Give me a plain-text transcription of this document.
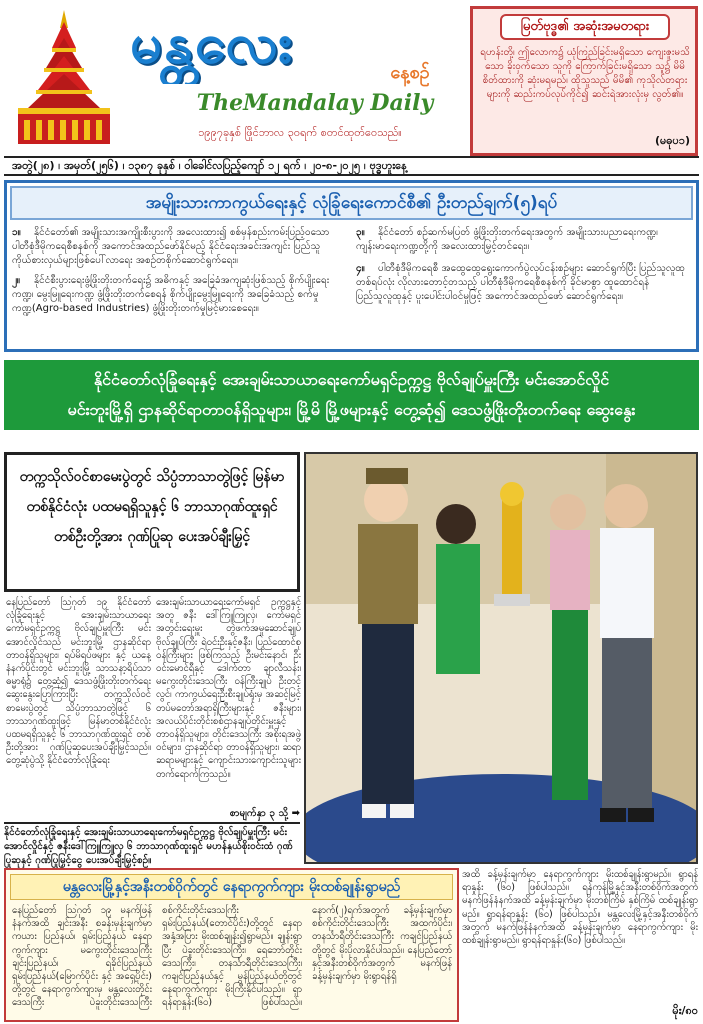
မန္တလေး	နေ့စဉ်
TheMandalay Daily
၁၉၉၇ခုနှစ် ဖြိုင်ဘာလ ၃၀ရက် စတင်ထုတ်ဝေသည်။
မြတ်ဗုဒ္ဓ၏ အဆုံးအမတရား
ရဟန်းတို့၊ ဤလောက၌ ယုံကြည်ခြင်းမရှိသော ကျေးဇူးမသိသော ခိုးဝှက်သော သူကို ကြောက်ခြင်းမရှိသော သူ၌ မိမိစိတ်ထားကို ဆုံးမရမည်၊ ထိုသူသည် မိမိ၏ ကုသိုလ်တရားများကို ဆည်းကပ်လုပ်ကိုင်၍ ဆင်းရဲအားလုံးမှ လွတ်၏။
(မဓုပ၁)
အတွဲ(၂၈) ၊ အမှတ်(၂၅၆) ၊ ၁၃၈၇ ခုနှစ် ၊ ဝါခေါင်လပြည့်ကျော် ၁၂ ရက် ၊ ၂၀-၈-၂၀၂၅ ၊ ဗုဒ္ဓဟူးနေ့
အမျိုးသားကာကွယ်ရေးနှင့် လုံခြုံရေးကောင်စီ၏ ဦးတည်ချက်(၅)ရပ်
၁။ နိုင်ငံတော်၏ အမျိုးသားအကျိုးစီးပွားကို အလေးထား၍ စစ်မှန်စည်းကမ်းပြည့်ဝသော ပါတီစုံဒီမိုကရေစီစနစ်ကို အကောင်အထည်ဖော်နိုင်မည့် နိုင်ငံရေးအခင်းအကျင်း ပြည်သူကိုယ်စားလှယ်များဖြစ်ပေါ်လာရေး အစဉ်တစိုက်ဆောင်ရွက်ရေး။
၂။ နိုင်ငံစီးပွားရေးဖွံ့ဖြိုးတိုးတက်ရေး၌ အဓိကနှင့် အခြေခံအကျဆုံးဖြစ်သည့် စိုက်ပျိုးရေးကဏ္ဍ၊ မွေးမြူရေးကဏ္ဍ ဖွံ့ဖြိုးတိုးတက်စေရန် စိုက်ပျိုးမွေးမြူရေးကို အခြေခံသည့် စက်မှုကဏ္ဍ(Agro-based Industries) ဖွံ့ဖြိုးတိုးတက်မှုမြင့်မားစေရေး။
၃။ နိုင်ငံတော် စဉ်ဆက်မပြတ် ဖွံ့ဖြိုးတိုးတက်ရေးအတွက် အမျိုးသားပညာရေးကဏ္ဍ၊ ကျန်းမာရေးကဏ္ဍတို့ကို အလေးထားမြှင့်တင်ရေး။
၄။ ပါတီစုံဒီမိုကရေစီ အထွေထွေရွေးကောက်ပွဲလုပ်ငန်းစဉ်များ ဆောင်ရွက်ပြီး ပြည်သူလူထုတစ်ရပ်လုံး လိုလားတောင့်တသည့် ပါတီစုံဒီမိုကရေစီစနစ်ကို ခိုင်မာစွာ ထူထောင်ရန် ပြည်သူလူထုနှင့် ပူးပေါင်းပါဝင်မှုဖြင့် အကောင်အထည်ဖော် ဆောင်ရွက်ရေး။
နိုင်ငံတော်လုံခြုံရေးနှင့် အေးချမ်းသာယာရေးကော်မရှင်ဥက္ကဋ္ဌ ဗိုလ်ချုပ်မှူးကြီး မင်းအောင်လှိုင်
မင်းဘူးမြို့ရှိ ဌာနဆိုင်ရာတာဝန်ရှိသူများ၊ မြို့မိ မြို့ဖများနှင့် တွေ့ဆုံ၍ ဒေသဖွံ့ဖြိုးတိုးတက်ရေး ဆွေးနွေး
တက္ကသိုလ်ဝင်စာမေးပွဲတွင် သိပ္ပံဘာသာတွဲဖြင့် မြန်မာတစ်နိုင်ငံလုံး ပထမရရှိသူနှင့် ၆ ဘာသာဂုဏ်ထူးရှင် တစ်ဦးတို့အား ဂုဏ်ပြုဆု ပေးအပ်ချီးမြှင့်
နေပြည်တော် ဩဂုတ် ၁၉ နိုင်ငံတော်လုံခြုံရေးနှင့် အေးချမ်းသာယာရေးကော်မရှင်ဥက္ကဋ္ဌ ဗိုလ်ချုပ်မှူးကြီး မင်းအောင်လှိုင်သည် မင်းဘူးမြို့ ဌာနဆိုင်ရာတာဝန်ရှိသူများ၊ ရပ်မိရပ်ဖများ နှင့် ယနေ့နံနက်ပိုင်းတွင် မင်းဘူးမြို့ သာသနာ့ရိပ်သာ ဓမ္မာရုံ၌ တွေ့ဆုံ၍ ဒေသဖွံ့ဖြိုးတိုးတက်ရေး ဆွေးနွေးပြောကြားပြီး တက္ကသိုလ်ဝင်စာမေးပွဲတွင် သိပ္ပံဘာသာတွဲဖြင့် ၆ ဘာသာဂုဏ်ထူးဖြင့် မြန်မာတစ်နိုင်ငံလုံး ပထမရရှိသူနှင့် ၆ ဘာသာဂုဏ်ထူးရှင် တစ်ဦးတို့အား ဂုဏ်ပြုဆုပေးအပ်ချီးမြှင့်သည်။ တွေ့ဆုံပွဲသို့ နိုင်ငံတော်လုံခြုံရေး
အေးချမ်းသာယာရေးကော်မရှင် ဥက္ကဋ္ဌနှင့် အတူ ဇနီး ဒေါ်ကြူကြူလှ၊ ကော်မရှင်အတွင်းရေးမှူး တွဲဖက်အမှုဆောင်ချုပ် ဗိုလ်ချုပ်ကြီး ရဲဝင်းဦးနှင့်ဇနီး၊ ပြည်ထောင်စုဝန်ကြီးများ ဖြစ်ကြသည့် ဦးမင်းနောင်၊ ဦးဝင်းမောင်ရီနှင့် ဒေါက်တာ ချာလီသန်း၊ မကွေးတိုင်းဒေသကြီး ဝန်ကြီးချုပ် ဦးတင့်လွင်၊ ကာကွယ်ရေးဦးစီးချုပ်ရုံးမှ အဆင့်မြင့်တပ်မတော်အရာရှိကြီးများနှင့် ဇနီးများ၊ အလယ်ပိုင်းတိုင်းစစ်ဌာနချုပ်တိုင်းမှူးနှင့် တာဝန်ရှိသူများ၊ တိုင်းဒေသကြီး အစိုးရအဖွဲ့ဝင်များ၊ ဌာနဆိုင်ရာ တာဝန်ရှိသူများ၊ ဆရာ ဆရာမများနှင့် ကျောင်းသားကျောင်းသူများတက်ရောက်ကြသည်။
စာမျက်နှာ ၃ သို့ ➡
နိုင်ငံတော်လုံခြုံရေးနှင့် အေးချမ်းသာယာရေးကော်မရှင်ဥက္ကဋ္ဌ ဗိုလ်ချုပ်မှူးကြီး မင်းအောင်လှိုင်နှင့် ဇနီးဒေါ်ကြူကြူလှ ၆ ဘာသာဂုဏ်ထူးရှင် မဟန်နှယ်စိုးဝင်းထံ ဂုဏ်ပြုဆုနှင့် ဂုဏ်ပြုမြှင့်ငွေ ပေးအပ်ချီးမြှင့်စဉ်။
မန္တလေးမြို့နှင့်အနီးတစ်ဝိုက်တွင် နေရာကွက်ကျား မိုးထစ်ချုန်းရွာမည်
နေပြည်တော် ဩဂုတ် ၁၉ မနက်ဖြန်နံနက်အထိ ချင်းအနီး စခန်းမှန်းချက်မှာ ကယား ပြည်နယ်၊ ရှမ်းပြည်နယ် နေရာကွက်ကျား မကွေးတိုင်းဒေသကြီး ချင်းပြည်နယ်၊ ရခိုင်ပြည်နယ် ရှမ်းပြည်နယ်(မြောက်ပိုင်း နှင့် အရှေ့ပိုင်း) တို့တွင် နေရာကွက်ကျားမှ မန္တလေးတိုင်းဒေသကြီး ပဲခူးတိုင်းဒေသကြီး စစ်ကိုင်းတိုင်းဒေသကြီး ရှမ်းပြည်နယ်(တောင်ပိုင်း)တို့တွင် နေရာအနှံ့အပြား မိုးထစ်ချုန်း၍ရွာမည်။ ချုန်းရွာပြီး ပဲခူးတိုင်းဒေသကြီး၊ ရေဘော်တိုင်းဒေသကြီး၊ တနင်္သာရီတိုင်းဒေသကြီး၊ ကချင်ပြည်နယ်နှင့် မွန်ပြည်နယ်တို့တွင် နေရာကွက်ကျား မိုးကြီးနိုင်ပါသည်။ ရှာရန်ရာနှုန်း(၆၀) ဖြစ်ပါသည်။ နောက်(၂)ရက်အတွက် ခန့်မှန်းချက်မှာ စစ်ကိုင်းတိုင်းဒေသကြီး အထက်ပိုင်း၊ တနင်္သာရီတိုင်းဒေသကြီး ကချင်ပြည်နယ်တို့တွင် မိုးပိုလာနိုင်ပါသည်။ နေပြည်တော်နှင့်အနီးတစ်ဝိုက်အတွက် မနက်ဖြန်ခန့်မှန်းချက်မှာ မိုးရွာရန်ရှိ
အထိ ခန့်မှန်းချက်မှာ နေရာကွက်ကျား မိုးထစ်ချုန်းရွာမည်။ ရွာရန်ရာနှုန်း (၆၀) ဖြစ်ပါသည်။ ရန်ကုန်မြို့နှင့်အနီးတစ်ဝိုက်အတွက် မနက်ဖြန်နံနက်အထိ ခန့်မှန်းချက်မှာ မိုးတစ်ကြိမ် နှစ်ကြိမ် ထစ်ချုန်းရွာမည်။ ရွာရန်ရာနှုန်း (၆၀) ဖြစ်ပါသည်။ မန္တလေးမြို့နှင့်အနီးတစ်ဝိုက်အတွက် မနက်ဖြန်နံနက်အထိ ခန့်မှန်းချက်မှာ နေရာကွက်ကျား မိုးထစ်ချုန်းရွာမည်။ ရွာရန်ရာနှုန်း(၆၀) ဖြစ်ပါသည်။
မိုး/၈၀
